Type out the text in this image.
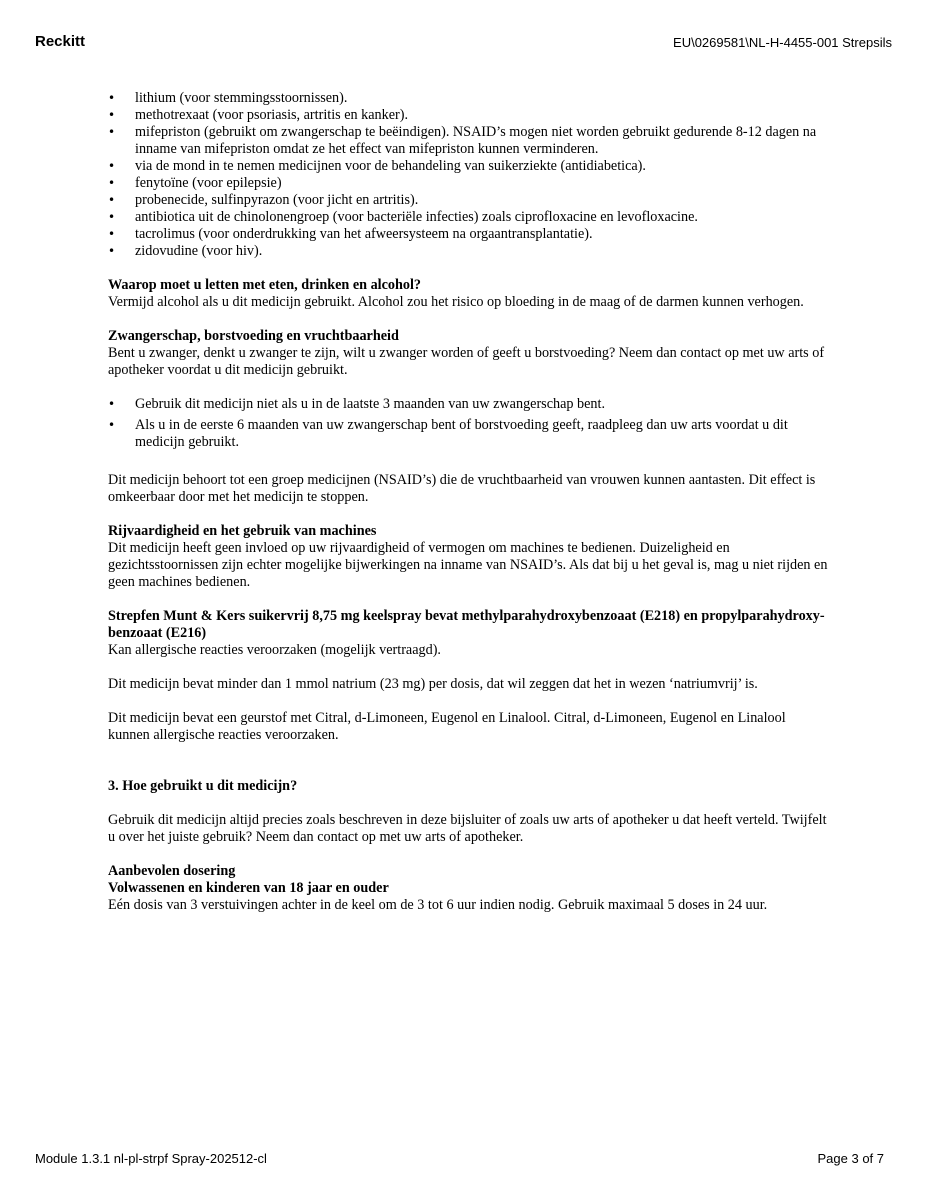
Reckitt	EU\0269581\NL-H-4455-001 Strepsils
• lithium (voor stemmingsstoornissen).
• methotrexaat (voor psoriasis, artritis en kanker).
• mifepriston (gebruikt om zwangerschap te beëindigen). NSAID’s mogen niet worden gebruikt gedurende 8-12 dagen na inname van mifepriston omdat ze het effect van mifepriston kunnen verminderen.
• via de mond in te nemen medicijnen voor de behandeling van suikerziekte (antidiabetica).
• fenytoïne (voor epilepsie)
• probenecide, sulfinpyrazon (voor jicht en artritis).
• antibiotica uit de chinolonengroep (voor bacteriële infecties) zoals ciprofloxacine en levofloxacine.
• tacrolimus (voor onderdrukking van het afweersysteem na orgaantransplantatie).
• zidovudine (voor hiv).

Waarop moet u letten met eten, drinken en alcohol?

Vermijd alcohol als u dit medicijn gebruikt. Alcohol zou het risico op bloeding in de maag of de darmen kunnen verhogen.

Zwangerschap, borstvoeding en vruchtbaarheid

Bent u zwanger, denkt u zwanger te zijn, wilt u zwanger worden of geeft u borstvoeding? Neem dan contact op met uw arts of apotheker voordat u dit medicijn gebruikt.

• Gebruik dit medicijn niet als u in de laatste 3 maanden van uw zwangerschap bent.
• Als u in de eerste 6 maanden van uw zwangerschap bent of borstvoeding geeft, raadpleeg dan uw arts voordat u dit medicijn gebruikt.

Dit medicijn behoort tot een groep medicijnen (NSAID’s) die de vruchtbaarheid van vrouwen kunnen aantasten. Dit effect is omkeerbaar door met het medicijn te stoppen.

Rijvaardigheid en het gebruik van machines

Dit medicijn heeft geen invloed op uw rijvaardigheid of vermogen om machines te bedienen. Duizeligheid en gezichtsstoornissen zijn echter mogelijke bijwerkingen na inname van NSAID’s. Als dat bij u het geval is, mag u niet rijden en geen machines bedienen.

Strepfen Munt & Kers suikervrij 8,75 mg keelspray bevat methylparahydroxybenzoaat (E218) en propylparahydroxy-benzoaat (E216)

Kan allergische reacties veroorzaken (mogelijk vertraagd).

Dit medicijn bevat minder dan 1 mmol natrium (23 mg) per dosis, dat wil zeggen dat het in wezen ‘natriumvrij’ is.

Dit medicijn bevat een geurstof met Citral, d-Limoneen, Eugenol en Linalool. Citral, d-Limoneen, Eugenol en Linalool kunnen allergische reacties veroorzaken.

3. Hoe gebruikt u dit medicijn?

Gebruik dit medicijn altijd precies zoals beschreven in deze bijsluiter of zoals uw arts of apotheker u dat heeft verteld. Twijfelt u over het juiste gebruik? Neem dan contact op met uw arts of apotheker.

Aanbevolen dosering

Volwassenen en kinderen van 18 jaar en ouder

Eén dosis van 3 verstuivingen achter in de keel om de 3 tot 6 uur indien nodig. Gebruik maximaal 5 doses in 24 uur.

Module 1.3.1 nl-pl-strpf Spray-202512-cl	Page 3 of 7
